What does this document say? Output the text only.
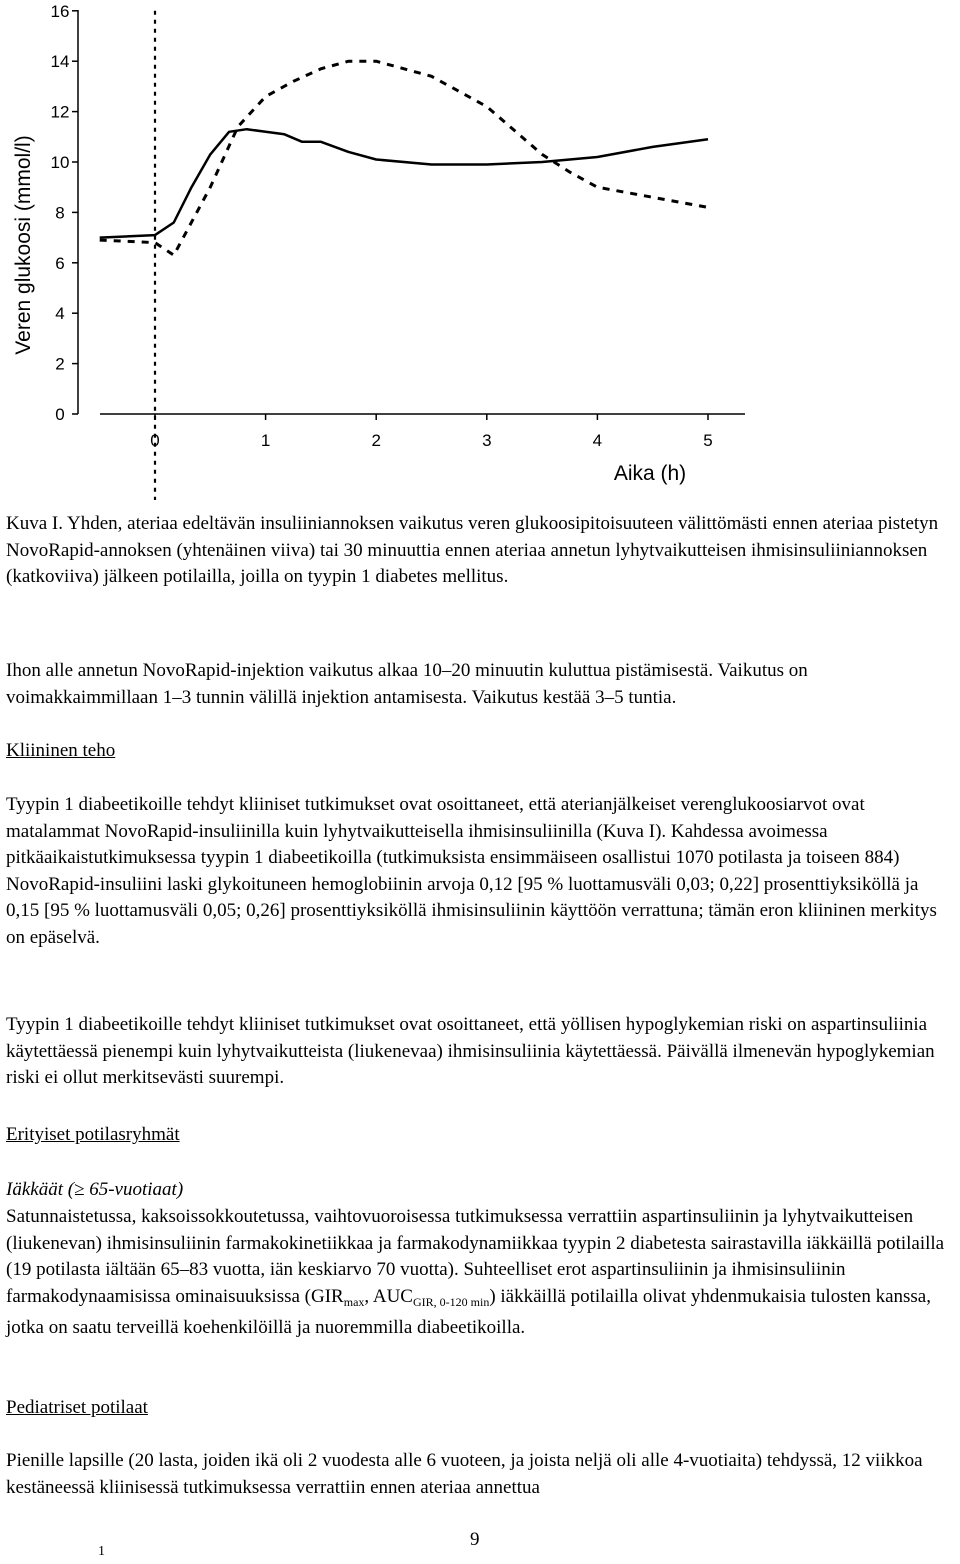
0
2
4
6
8
10
12
14
16
0	1	2	3	4	5
Veren glukoosi (mmol/l)
Aika (h)

Kuva I. Yhden, ateriaa edeltävän insuliiniannoksen vaikutus veren glukoosipitoisuuteen välittömästi ennen ateriaa pistetyn NovoRapid-annoksen (yhtenäinen viiva) tai 30 minuuttia ennen ateriaa annetun lyhytvaikutteisen ihmisinsuliiniannoksen (katkoviiva) jälkeen potilailla, joilla on tyypin 1 diabetes mellitus.

Ihon alle annetun NovoRapid-injektion vaikutus alkaa 10–20 minuutin kuluttua pistämisestä. Vaikutus on voimakkaimmillaan 1–3 tunnin välillä injektion antamisesta. Vaikutus kestää 3–5 tuntia.

Kliininen teho

Tyypin 1 diabeetikoille tehdyt kliiniset tutkimukset ovat osoittaneet, että aterianjälkeiset verenglukoosiarvot ovat matalammat NovoRapid-insuliinilla kuin lyhytvaikutteisella ihmisinsuliinilla (Kuva I). Kahdessa avoimessa pitkäaikaistutkimuksessa tyypin 1 diabeetikoilla (tutkimuksista ensimmäiseen osallistui 1070 potilasta ja toiseen 884) NovoRapid-insuliini laski glykoituneen hemoglobiinin arvoja 0,12 [95 % luottamusväli 0,03; 0,22] prosenttiyksiköllä ja 0,15 [95 % luottamusväli 0,05; 0,26] prosenttiyksiköllä ihmisinsuliinin käyttöön verrattuna; tämän eron kliininen merkitys on epäselvä.

Tyypin 1 diabeetikoille tehdyt kliiniset tutkimukset ovat osoittaneet, että yöllisen hypoglykemian riski on aspartinsuliinia käytettäessä pienempi kuin lyhytvaikutteista (liukenevaa) ihmisinsuliinia käytettäessä. Päivällä ilmenevän hypoglykemian riski ei ollut merkitsevästi suurempi.

Erityiset potilasryhmät

Iäkkäät (≥ 65-vuotiaat)

Satunnaistetussa, kaksoissokkoutetussa, vaihtovuoroisessa tutkimuksessa verrattiin aspartinsuliinin ja lyhytvaikutteisen (liukenevan) ihmisinsuliinin farmakokinetiikkaa ja farmakodynamiikkaa tyypin 2 diabetesta sairastavilla iäkkäillä potilailla (19 potilasta iältään 65–83 vuotta, iän keskiarvo 70 vuotta). Suhteelliset erot aspartinsuliinin ja ihmisinsuliinin farmakodynaamisissa ominaisuuksissa ($GIR_{max}$, $AUC_{GIR, 0-120 min}$) iäkkäillä potilailla olivat yhdenmukaisia tulosten kanssa, jotka on saatu terveillä koehenkilöillä ja nuoremmilla diabeetikoilla.

Pediatriset potilaat

Pienille lapsille (20 lasta, joiden ikä oli 2 vuodesta alle 6 vuoteen, ja joista neljä oli alle 4-vuotiaita) tehdyssä, 12 viikkoa kestäneessä kliinisessä tutkimuksessa verrattiin ennen ateriaa annettua

9
1
